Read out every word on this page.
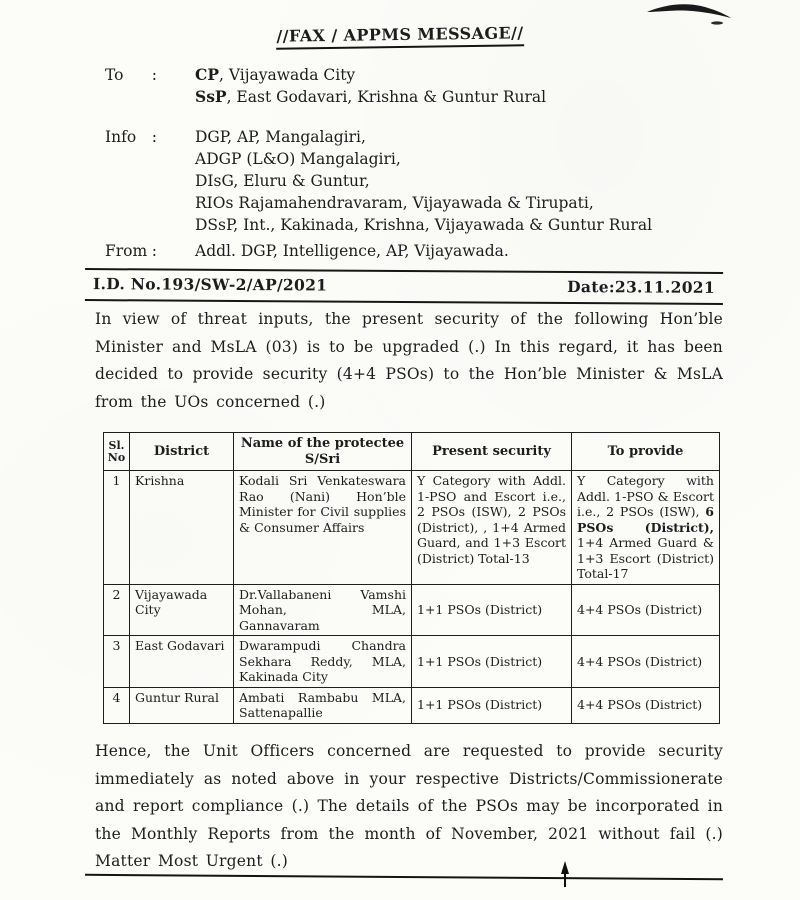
//FAX / APPMS MESSAGE//
To : CP, Vijayawada City
SsP, East Godavari, Krishna & Guntur Rural
Info : DGP, AP, Mangalagiri,
ADGP (L&O) Mangalagiri,
DIsG, Eluru & Guntur,
RIOs Rajamahendravaram, Vijayawada & Tirupati,
DSsP, Int., Kakinada, Krishna, Vijayawada & Guntur Rural
From : Addl. DGP, Intelligence, AP, Vijayawada.
I.D. No.193/SW-2/AP/2021	Date:23.11.2021
In view of threat inputs, the present security of the following Hon’ble Minister and MsLA (03) is to be upgraded (.) In this regard, it has been decided to provide security (4+4 PSOs) to the Hon’ble Minister & MsLA from the UOs concerned (.)
Sl. No	District	Name of the protectee S/Sri	Present security	To provide
1	Krishna	Kodali Sri Venkateswara Rao (Nani) Hon’ble Minister for Civil supplies & Consumer Affairs	Y Category with Addl. 1-PSO and Escort i.e., 2 PSOs (ISW), 2 PSOs (District), , 1+4 Armed Guard, and 1+3 Escort (District) Total-13	Y Category with Addl. 1-PSO & Escort i.e., 2 PSOs (ISW), 6 PSOs (District), 1+4 Armed Guard & 1+3 Escort (District) Total-17
2	Vijayawada City	Dr.Vallabaneni Vamshi Mohan, MLA, Gannavaram	1+1 PSOs (District)	4+4 PSOs (District)
3	East Godavari	Dwarampudi Chandra Sekhara Reddy, MLA, Kakinada City	1+1 PSOs (District)	4+4 PSOs (District)
4	Guntur Rural	Ambati Rambabu MLA, Sattenapallie	1+1 PSOs (District)	4+4 PSOs (District)
Hence, the Unit Officers concerned are requested to provide security immediately as noted above in your respective Districts/Commissionerate and report compliance (.) The details of the PSOs may be incorporated in the Monthly Reports from the month of November, 2021 without fail (.) Matter Most Urgent (.)
